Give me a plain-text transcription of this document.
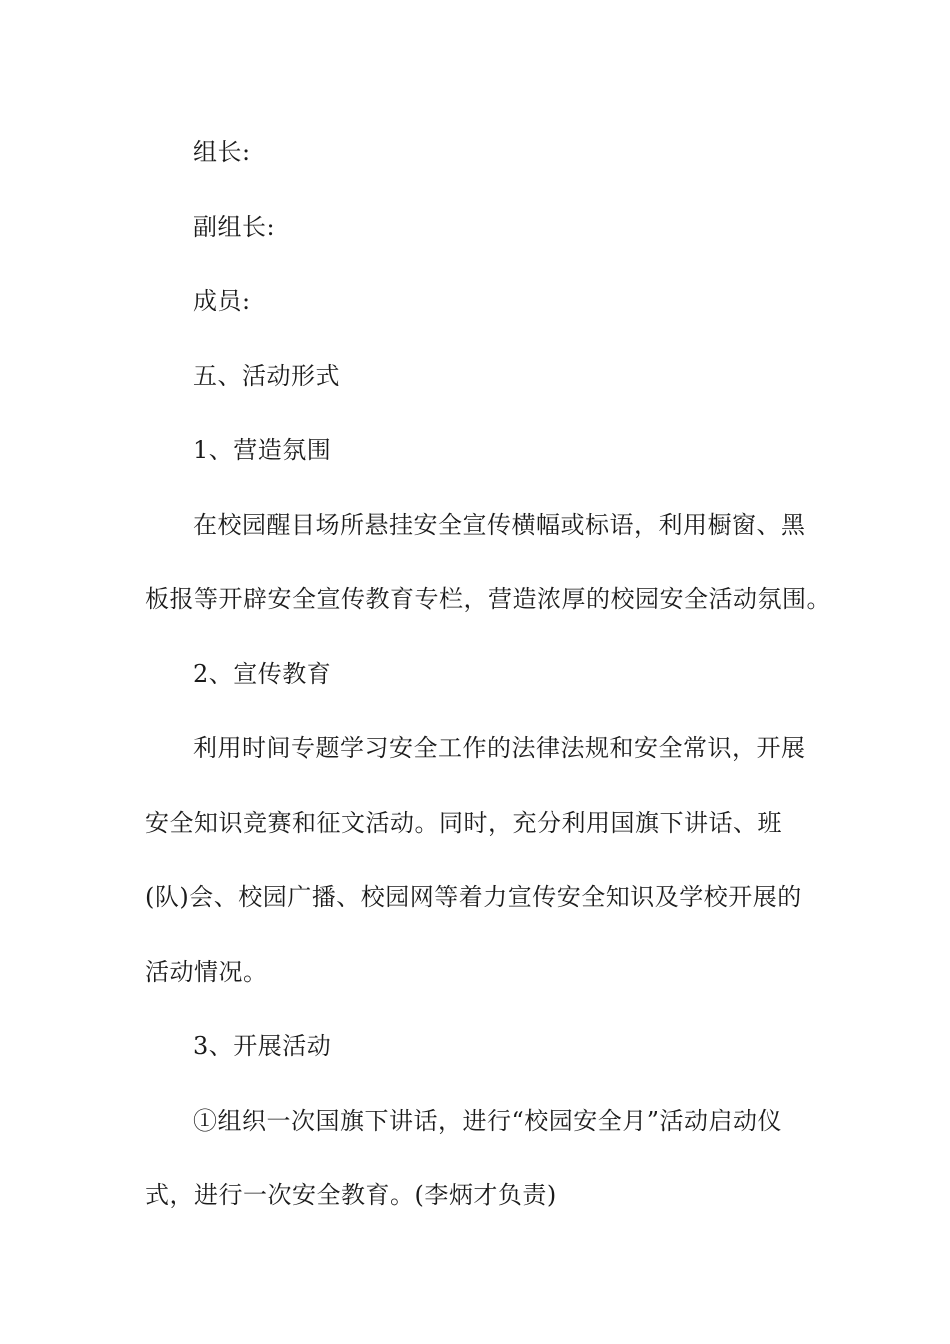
组长:
副组长:
成员:
五、活动形式
1、营造氛围
在校园醒目场所悬挂安全宣传横幅或标语，利用橱窗、黑
板报等开辟安全宣传教育专栏，营造浓厚的校园安全活动氛围。
2、宣传教育
利用时间专题学习安全工作的法律法规和安全常识，开展
安全知识竞赛和征文活动。同时，充分利用国旗下讲话、班
(队)会、校园广播、校园网等着力宣传安全知识及学校开展的
活动情况。
3、开展活动
①组织一次国旗下讲话，进行“校园安全月”活动启动仪
式，进行一次安全教育。(李炳才负责)
